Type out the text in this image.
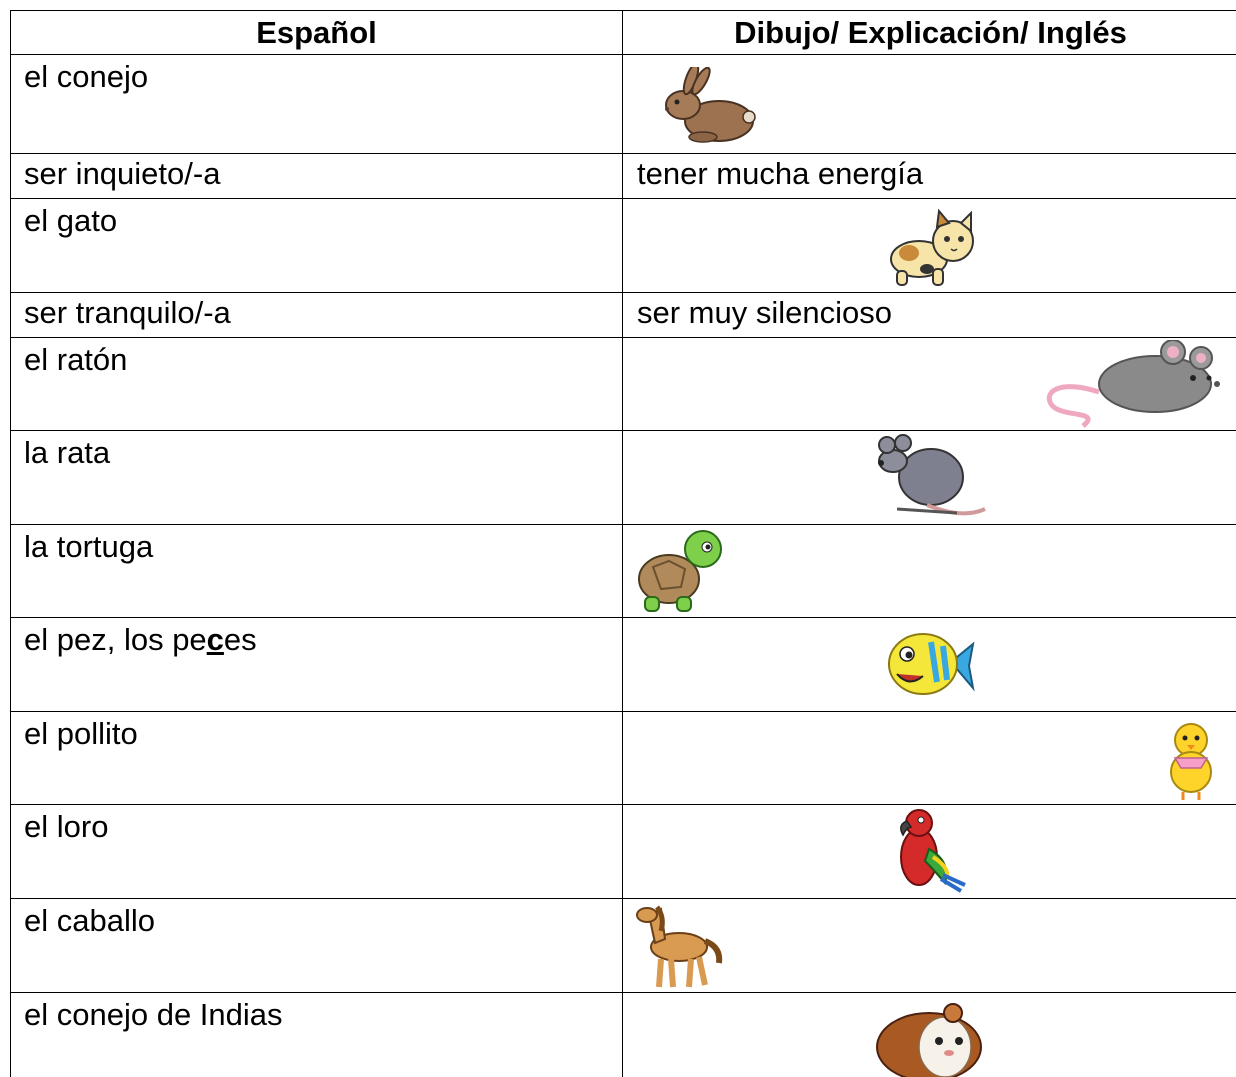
Español	Dibujo/ Explicación/ Inglés

el conejo

ser inquieto/-a	tener mucha energía

el gato

ser tranquilo/-a	ser muy silencioso

el ratón

la rata

la tortuga

el pez, los peces

el pollito

el loro

el caballo

el conejo de Indias
